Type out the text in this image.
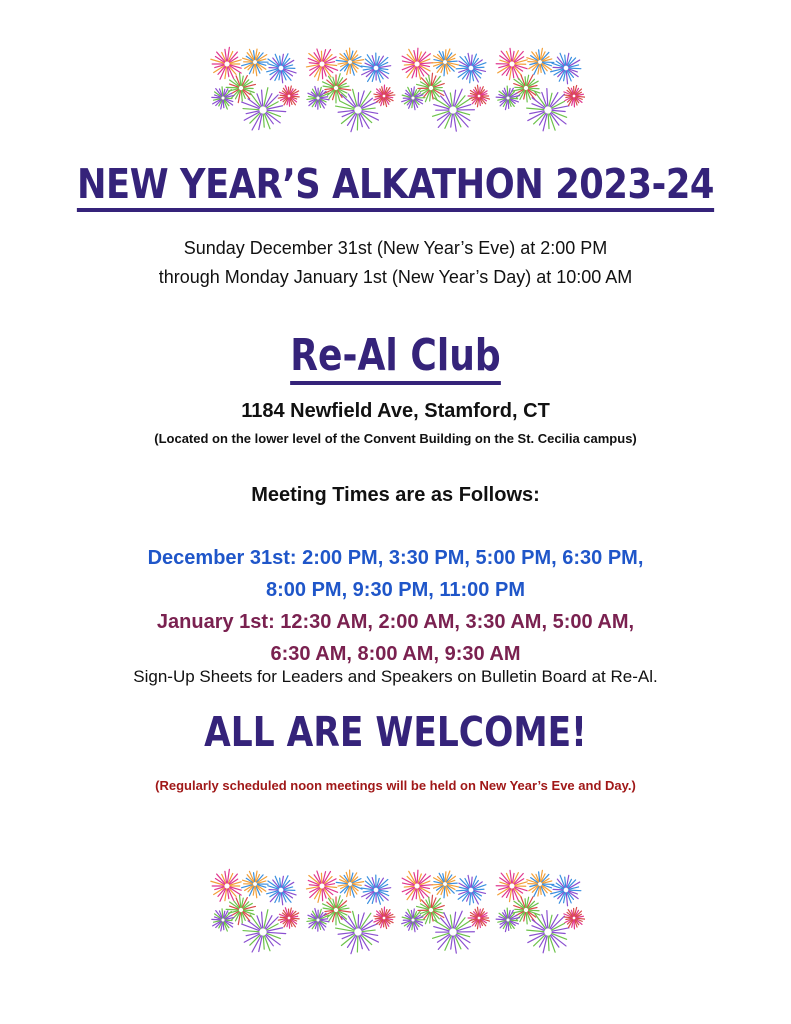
NEW YEAR’S ALKATHON 2023-24
Sunday December 31st (New Year’s Eve) at 2:00 PM
through Monday January 1st (New Year’s Day) at 10:00 AM
Re-Al Club
1184 Newfield Ave, Stamford, CT
(Located on the lower level of the Convent Building on the St. Cecilia campus)
Meeting Times are as Follows:
December 31st: 2:00 PM, 3:30 PM, 5:00 PM, 6:30 PM,
8:00 PM, 9:30 PM, 11:00 PM
January 1st: 12:30 AM, 2:00 AM, 3:30 AM, 5:00 AM,
6:30 AM, 8:00 AM, 9:30 AM
Sign-Up Sheets for Leaders and Speakers on Bulletin Board at Re-Al.
ALL ARE WELCOME!
(Regularly scheduled noon meetings will be held on New Year’s Eve and Day.)
